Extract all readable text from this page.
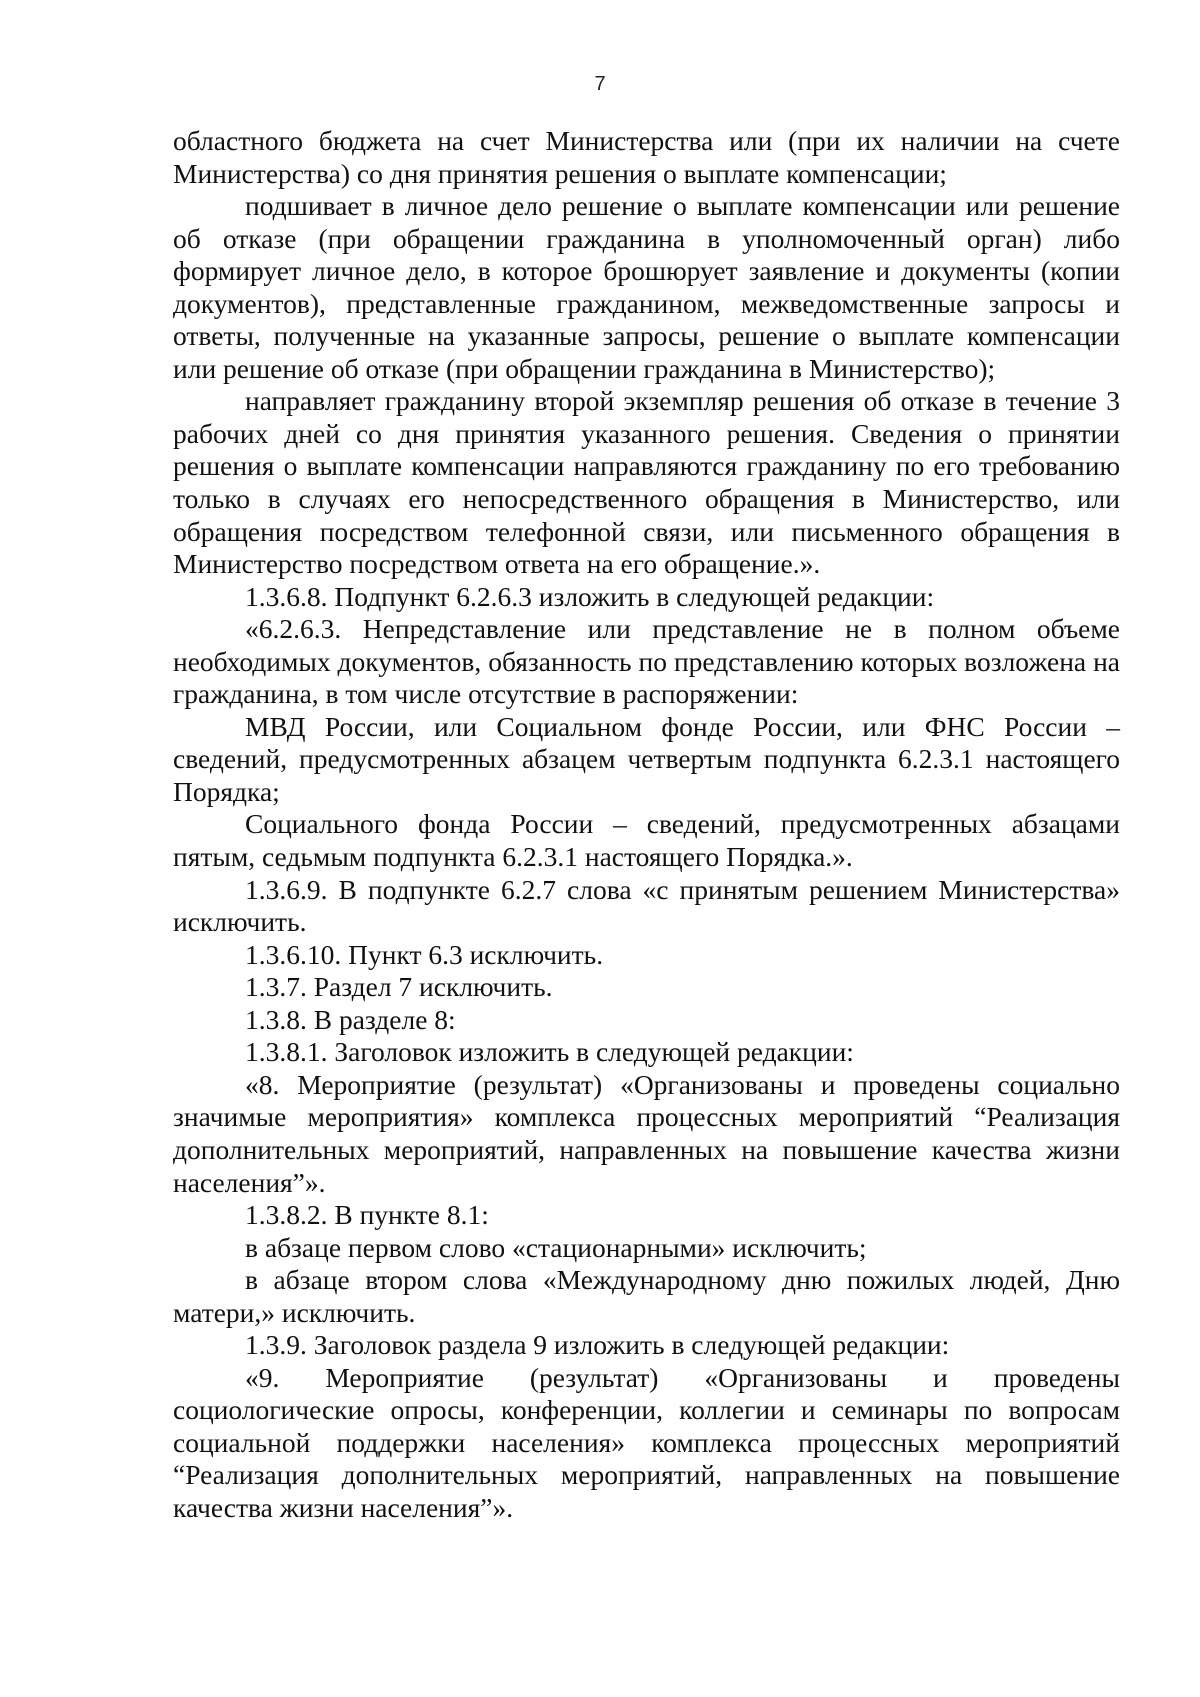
7

областного бюджета на счет Министерства или (при их наличии на счете Министерства) со дня принятия решения о выплате компенсации;

подшивает в личное дело решение о выплате компенсации или решение об отказе (при обращении гражданина в уполномоченный орган) либо формирует личное дело, в которое брошюрует заявление и документы (копии документов), представленные гражданином, межведомственные запросы и ответы, полученные на указанные запросы, решение о выплате компенсации или решение об отказе (при обращении гражданина в Министерство);

направляет гражданину второй экземпляр решения об отказе в течение 3 рабочих дней со дня принятия указанного решения. Сведения о принятии решения о выплате компенсации направляются гражданину по его требованию только в случаях его непосредственного обращения в Министерство, или обращения посредством телефонной связи, или письменного обращения в Министерство посредством ответа на его обращение.».

1.3.6.8. Подпункт 6.2.6.3 изложить в следующей редакции:

«6.2.6.3. Непредставление или представление не в полном объеме необходимых документов, обязанность по представлению которых возложена на гражданина, в том числе отсутствие в распоряжении:

МВД России, или Социальном фонде России, или ФНС России – сведений, предусмотренных абзацем четвертым подпункта 6.2.3.1 настоящего Порядка;

Социального фонда России – сведений, предусмотренных абзацами пятым, седьмым подпункта 6.2.3.1 настоящего Порядка.».

1.3.6.9. В подпункте 6.2.7 слова «с принятым решением Министерства» исключить.

1.3.6.10. Пункт 6.3 исключить.

1.3.7. Раздел 7 исключить.

1.3.8. В разделе 8:

1.3.8.1. Заголовок изложить в следующей редакции:

«8. Мероприятие (результат) «Организованы и проведены социально значимые мероприятия» комплекса процессных мероприятий “Реализация дополнительных мероприятий, направленных на повышение качества жизни населения”».

1.3.8.2. В пункте 8.1:

в абзаце первом слово «стационарными» исключить;

в абзаце втором слова «Международному дню пожилых людей, Дню матери,» исключить.

1.3.9. Заголовок раздела 9 изложить в следующей редакции:

«9. Мероприятие (результат) «Организованы и проведены социологические опросы, конференции, коллегии и семинары по вопросам социальной поддержки населения» комплекса процессных мероприятий “Реализация дополнительных мероприятий, направленных на повышение качества жизни населения”».
